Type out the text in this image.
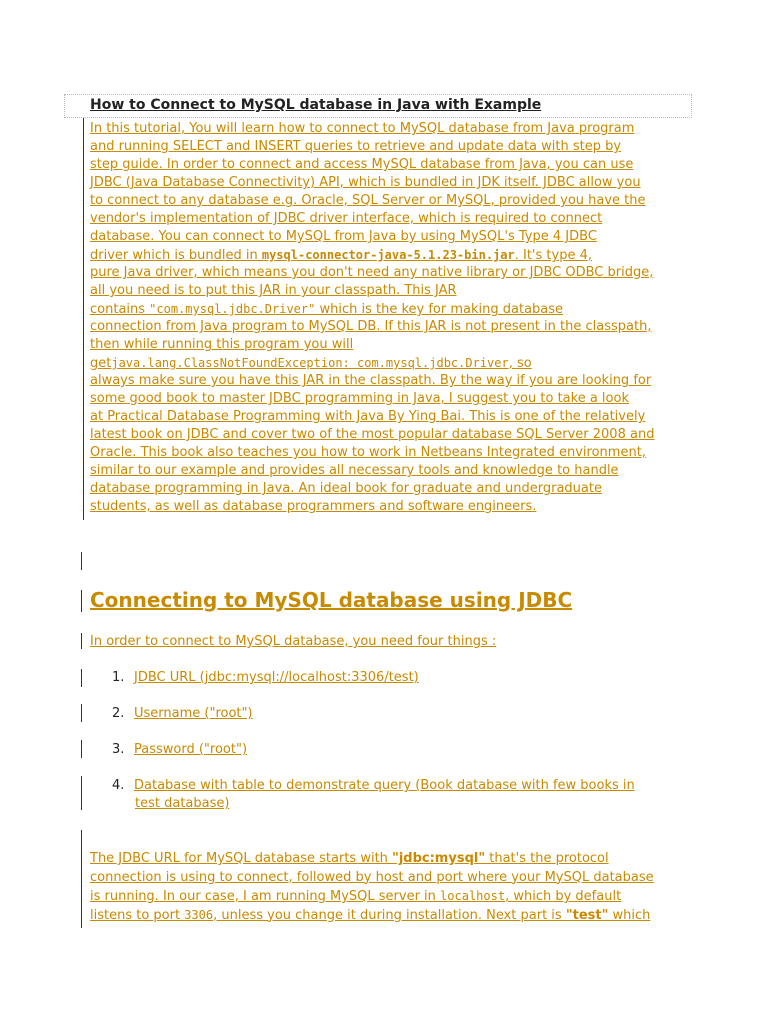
How to Connect to MySQL database in Java with Example
In this tutorial, You will learn how to connect to MySQL database from Java program
and running SELECT and INSERT queries to retrieve and update data with step by
step guide. In order to connect and access MySQL database from Java, you can use
JDBC (Java Database Connectivity) API, which is bundled in JDK itself. JDBC allow you
to connect to any database e.g. Oracle, SQL Server or MySQL, provided you have the
vendor's implementation of JDBC driver interface, which is required to connect
database. You can connect to MySQL from Java by using MySQL's Type 4 JDBC
driver which is bundled in mysql-connector-java-5.1.23-bin.jar. It's type 4,
pure Java driver, which means you don't need any native library or JDBC ODBC bridge,
all you need is to put this JAR in your classpath. This JAR
contains "com.mysql.jdbc.Driver" which is the key for making database
connection from Java program to MySQL DB. If this JAR is not present in the classpath,
then while running this program you will
getjava.lang.ClassNotFoundException: com.mysql.jdbc.Driver, so
always make sure you have this JAR in the classpath. By the way if you are looking for
some good book to master JDBC programming in Java, I suggest you to take a look
at Practical Database Programming with Java By Ying Bai. This is one of the relatively
latest book on JDBC and cover two of the most popular database SQL Server 2008 and
Oracle. This book also teaches you how to work in Netbeans Integrated environment,
similar to our example and provides all necessary tools and knowledge to handle
database programming in Java. An ideal book for graduate and undergraduate
students, as well as database programmers and software engineers.
Connecting to MySQL database using JDBC
In order to connect to MySQL database, you need four things :
1. JDBC URL (jdbc:mysql://localhost:3306/test)
2. Username ("root")
3. Password ("root")
4. Database with table to demonstrate query (Book database with few books in
test database)
The JDBC URL for MySQL database starts with "jdbc:mysql" that's the protocol
connection is using to connect, followed by host and port where your MySQL database
is running. In our case, I am running MySQL server in localhost, which by default
listens to port 3306, unless you change it during installation. Next part is "test" which
